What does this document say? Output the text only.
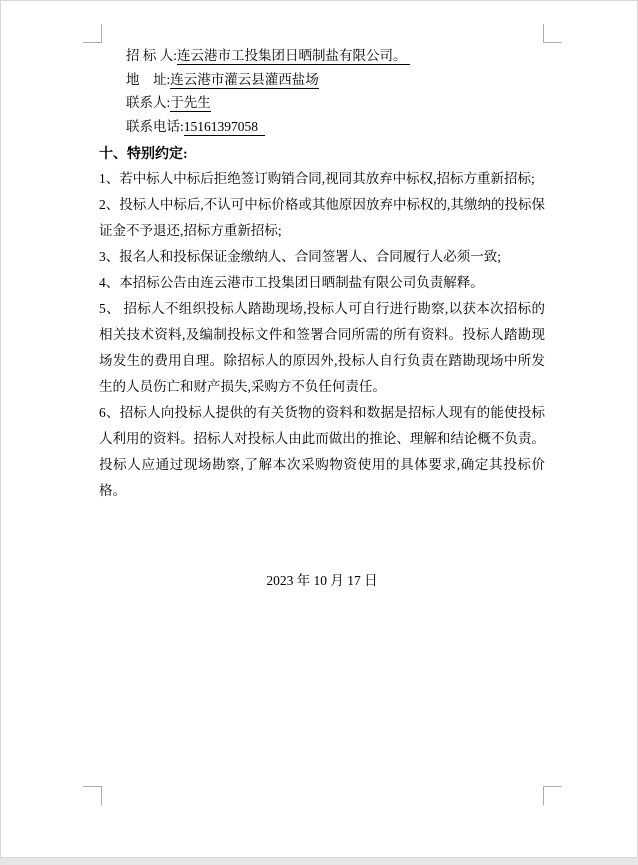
招 标 人:连云港市工投集团日晒制盐有限公司。
地    址:连云港市灌云县灌西盐场
联系人:于先生
联系电话:15161397058
十、特别约定:

1、若中标人中标后拒绝签订购销合同,视同其放弃中标权,招标方重新招标;

2、投标人中标后,不认可中标价格或其他原因放弃中标权的,其缴纳的投标保证金不予退还,招标方重新招标;

3、报名人和投标保证金缴纳人、合同签署人、合同履行人必须一致;

4、本招标公告由连云港市工投集团日晒制盐有限公司负责解释。

5、 招标人不组织投标人踏勘现场,投标人可自行进行勘察,以获本次招标的相关技术资料,及编制投标文件和签署合同所需的所有资料。投标人踏勘现场发生的费用自理。除招标人的原因外,投标人自行负责在踏勘现场中所发生的人员伤亡和财产损失,采购方不负任何责任。

6、招标人向投标人提供的有关货物的资料和数据是招标人现有的能使投标人利用的资料。招标人对投标人由此而做出的推论、理解和结论概不负责。投标人应通过现场勘察,了解本次采购物资使用的具体要求,确定其投标价格。

2023 年 10 月 17 日
